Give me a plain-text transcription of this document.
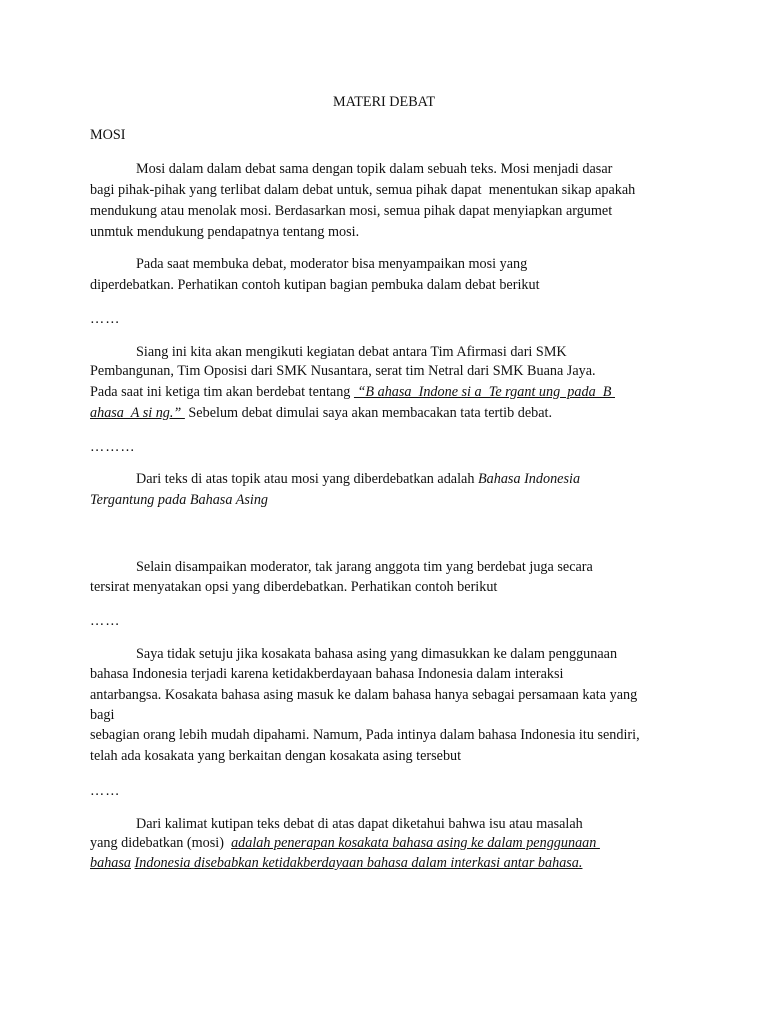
MATERI DEBAT
MOSI
Mosi dalam dalam debat sama dengan topik dalam sebuah teks. Mosi menjadi dasar
bagi pihak-pihak yang terlibat dalam debat untuk, semua pihak dapat  menentukan sikap apakah
mendukung atau menolak mosi. Berdasarkan mosi, semua pihak dapat menyiapkan argumet
unmtuk mendukung pendapatnya tentang mosi.
Pada saat membuka debat, moderator bisa menyampaikan mosi yang
diperdebatkan. Perhatikan contoh kutipan bagian pembuka dalam debat berikut
……
Siang ini kita akan mengikuti kegiatan debat antara Tim Afirmasi dari SMK
Pembangunan, Tim Oposisi dari SMK Nusantara, serat tim Netral dari SMK Buana Jaya.
Pada saat ini ketiga tim akan berdebat tentang  “B ahasa  Indone si a  Te rgant ung  pada  B
ahasa  A si ng.”  Sebelum debat dimulai saya akan membacakan tata tertib debat.
………
Dari teks di atas topik atau mosi yang diberdebatkan adalah Bahasa Indonesia
Tergantung pada Bahasa Asing
Selain disampaikan moderator, tak jarang anggota tim yang berdebat juga secara
tersirat menyatakan opsi yang diberdebatkan. Perhatikan contoh berikut
……
Saya tidak setuju jika kosakata bahasa asing yang dimasukkan ke dalam penggunaan
bahasa Indonesia terjadi karena ketidakberdayaan bahasa Indonesia dalam interaksi
antarbangsa. Kosakata bahasa asing masuk ke dalam bahasa hanya sebagai persamaan kata yang
bagi
sebagian orang lebih mudah dipahami. Namum, Pada intinya dalam bahasa Indonesia itu sendiri,
telah ada kosakata yang berkaitan dengan kosakata asing tersebut
……
Dari kalimat kutipan teks debat di atas dapat diketahui bahwa isu atau masalah
yang didebatkan (mosi)  adalah penerapan kosakata bahasa asing ke dalam penggunaan
bahasa Indonesia disebabkan ketidakberdayaan bahasa dalam interkasi antar bahasa.
